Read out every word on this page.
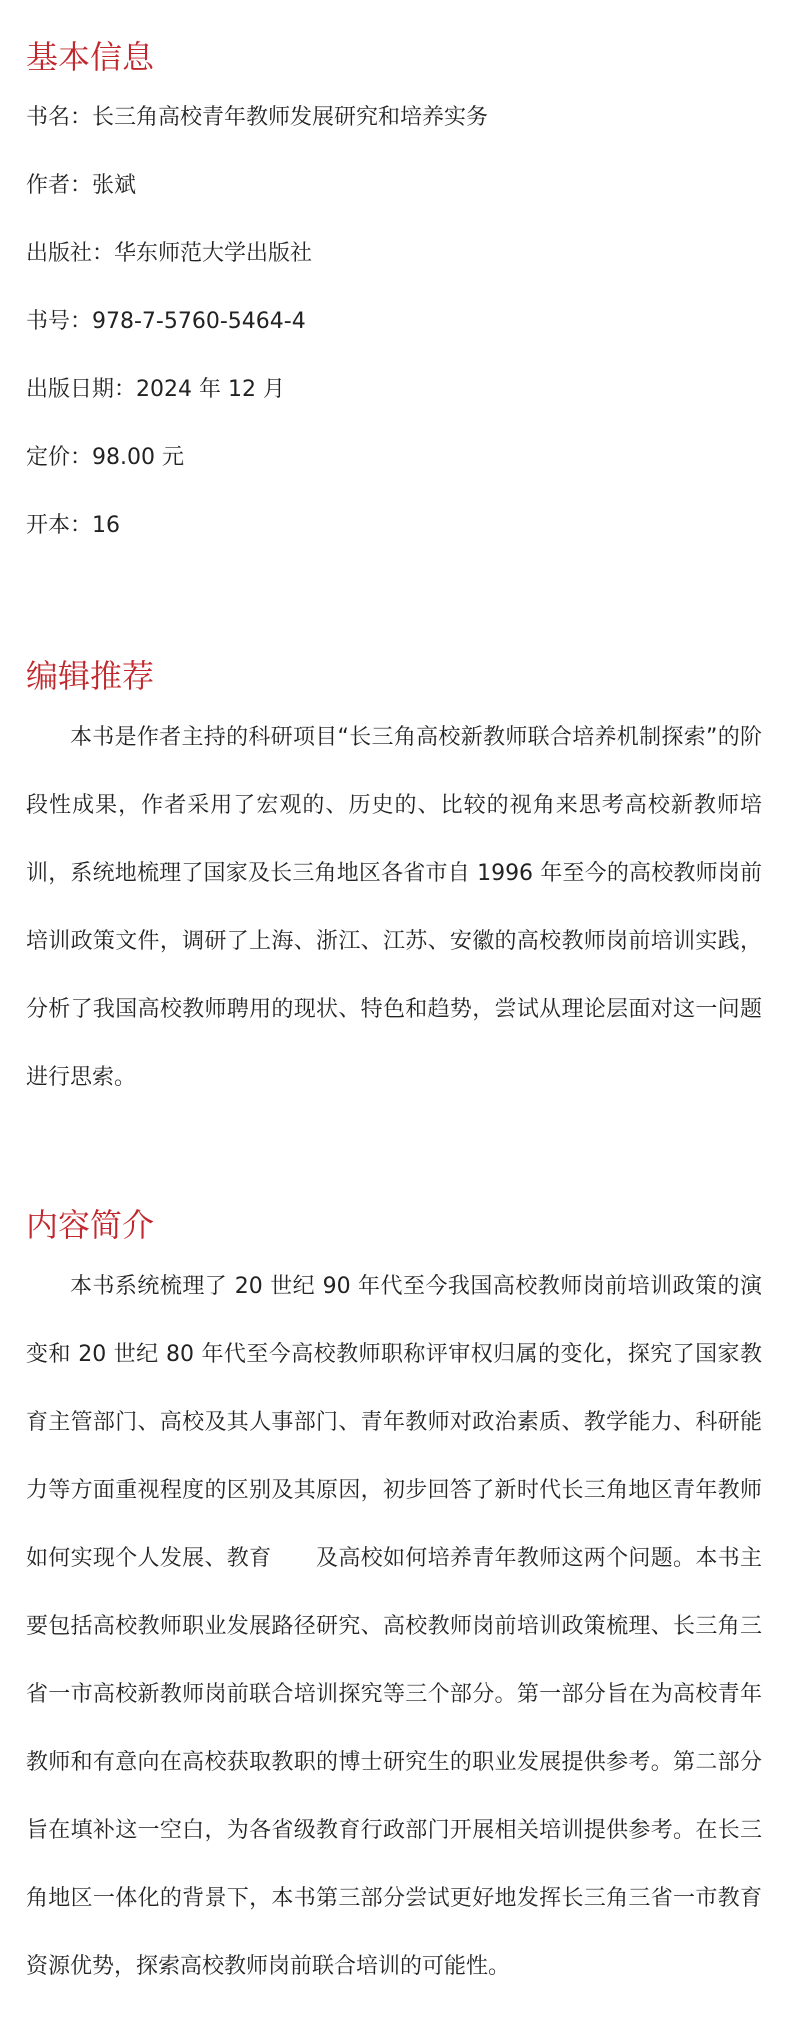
基本信息

书名：长三角高校青年教师发展研究和培养实务

作者：张斌

出版社：华东师范大学出版社

书号：978-7-5760-5464-4

出版日期：2024 年 12 月

定价：98.00 元

开本：16

编辑推荐

本书是作者主持的科研项目“长三角高校新教师联合培养机制探索”的阶段性成果，作者采用了宏观的、历史的、比较的视角来思考高校新教师培训，系统地梳理了国家及长三角地区各省市自 1996 年至今的高校教师岗前培训政策文件，调研了上海、浙江、江苏、安徽的高校教师岗前培训实践，分析了我国高校教师聘用的现状、特色和趋势，尝试从理论层面对这一问题进行思索。

内容简介

本书系统梳理了 20 世纪 90 年代至今我国高校教师岗前培训政策的演变和 20 世纪 80 年代至今高校教师职称评审权归属的变化，探究了国家教育主管部门、高校及其人事部门、青年教师对政治素质、教学能力、科研能力等方面重视程度的区别及其原因，初步回答了新时代长三角地区青年教师如何实现个人发展、教育　　及高校如何培养青年教师这两个问题。本书主要包括高校教师职业发展路径研究、高校教师岗前培训政策梳理、长三角三省一市高校新教师岗前联合培训探究等三个部分。第一部分旨在为高校青年教师和有意向在高校获取教职的博士研究生的职业发展提供参考。第二部分旨在填补这一空白，为各省级教育行政部门开展相关培训提供参考。在长三角地区一体化的背景下，本书第三部分尝试更好地发挥长三角三省一市教育资源优势，探索高校教师岗前联合培训的可能性。
